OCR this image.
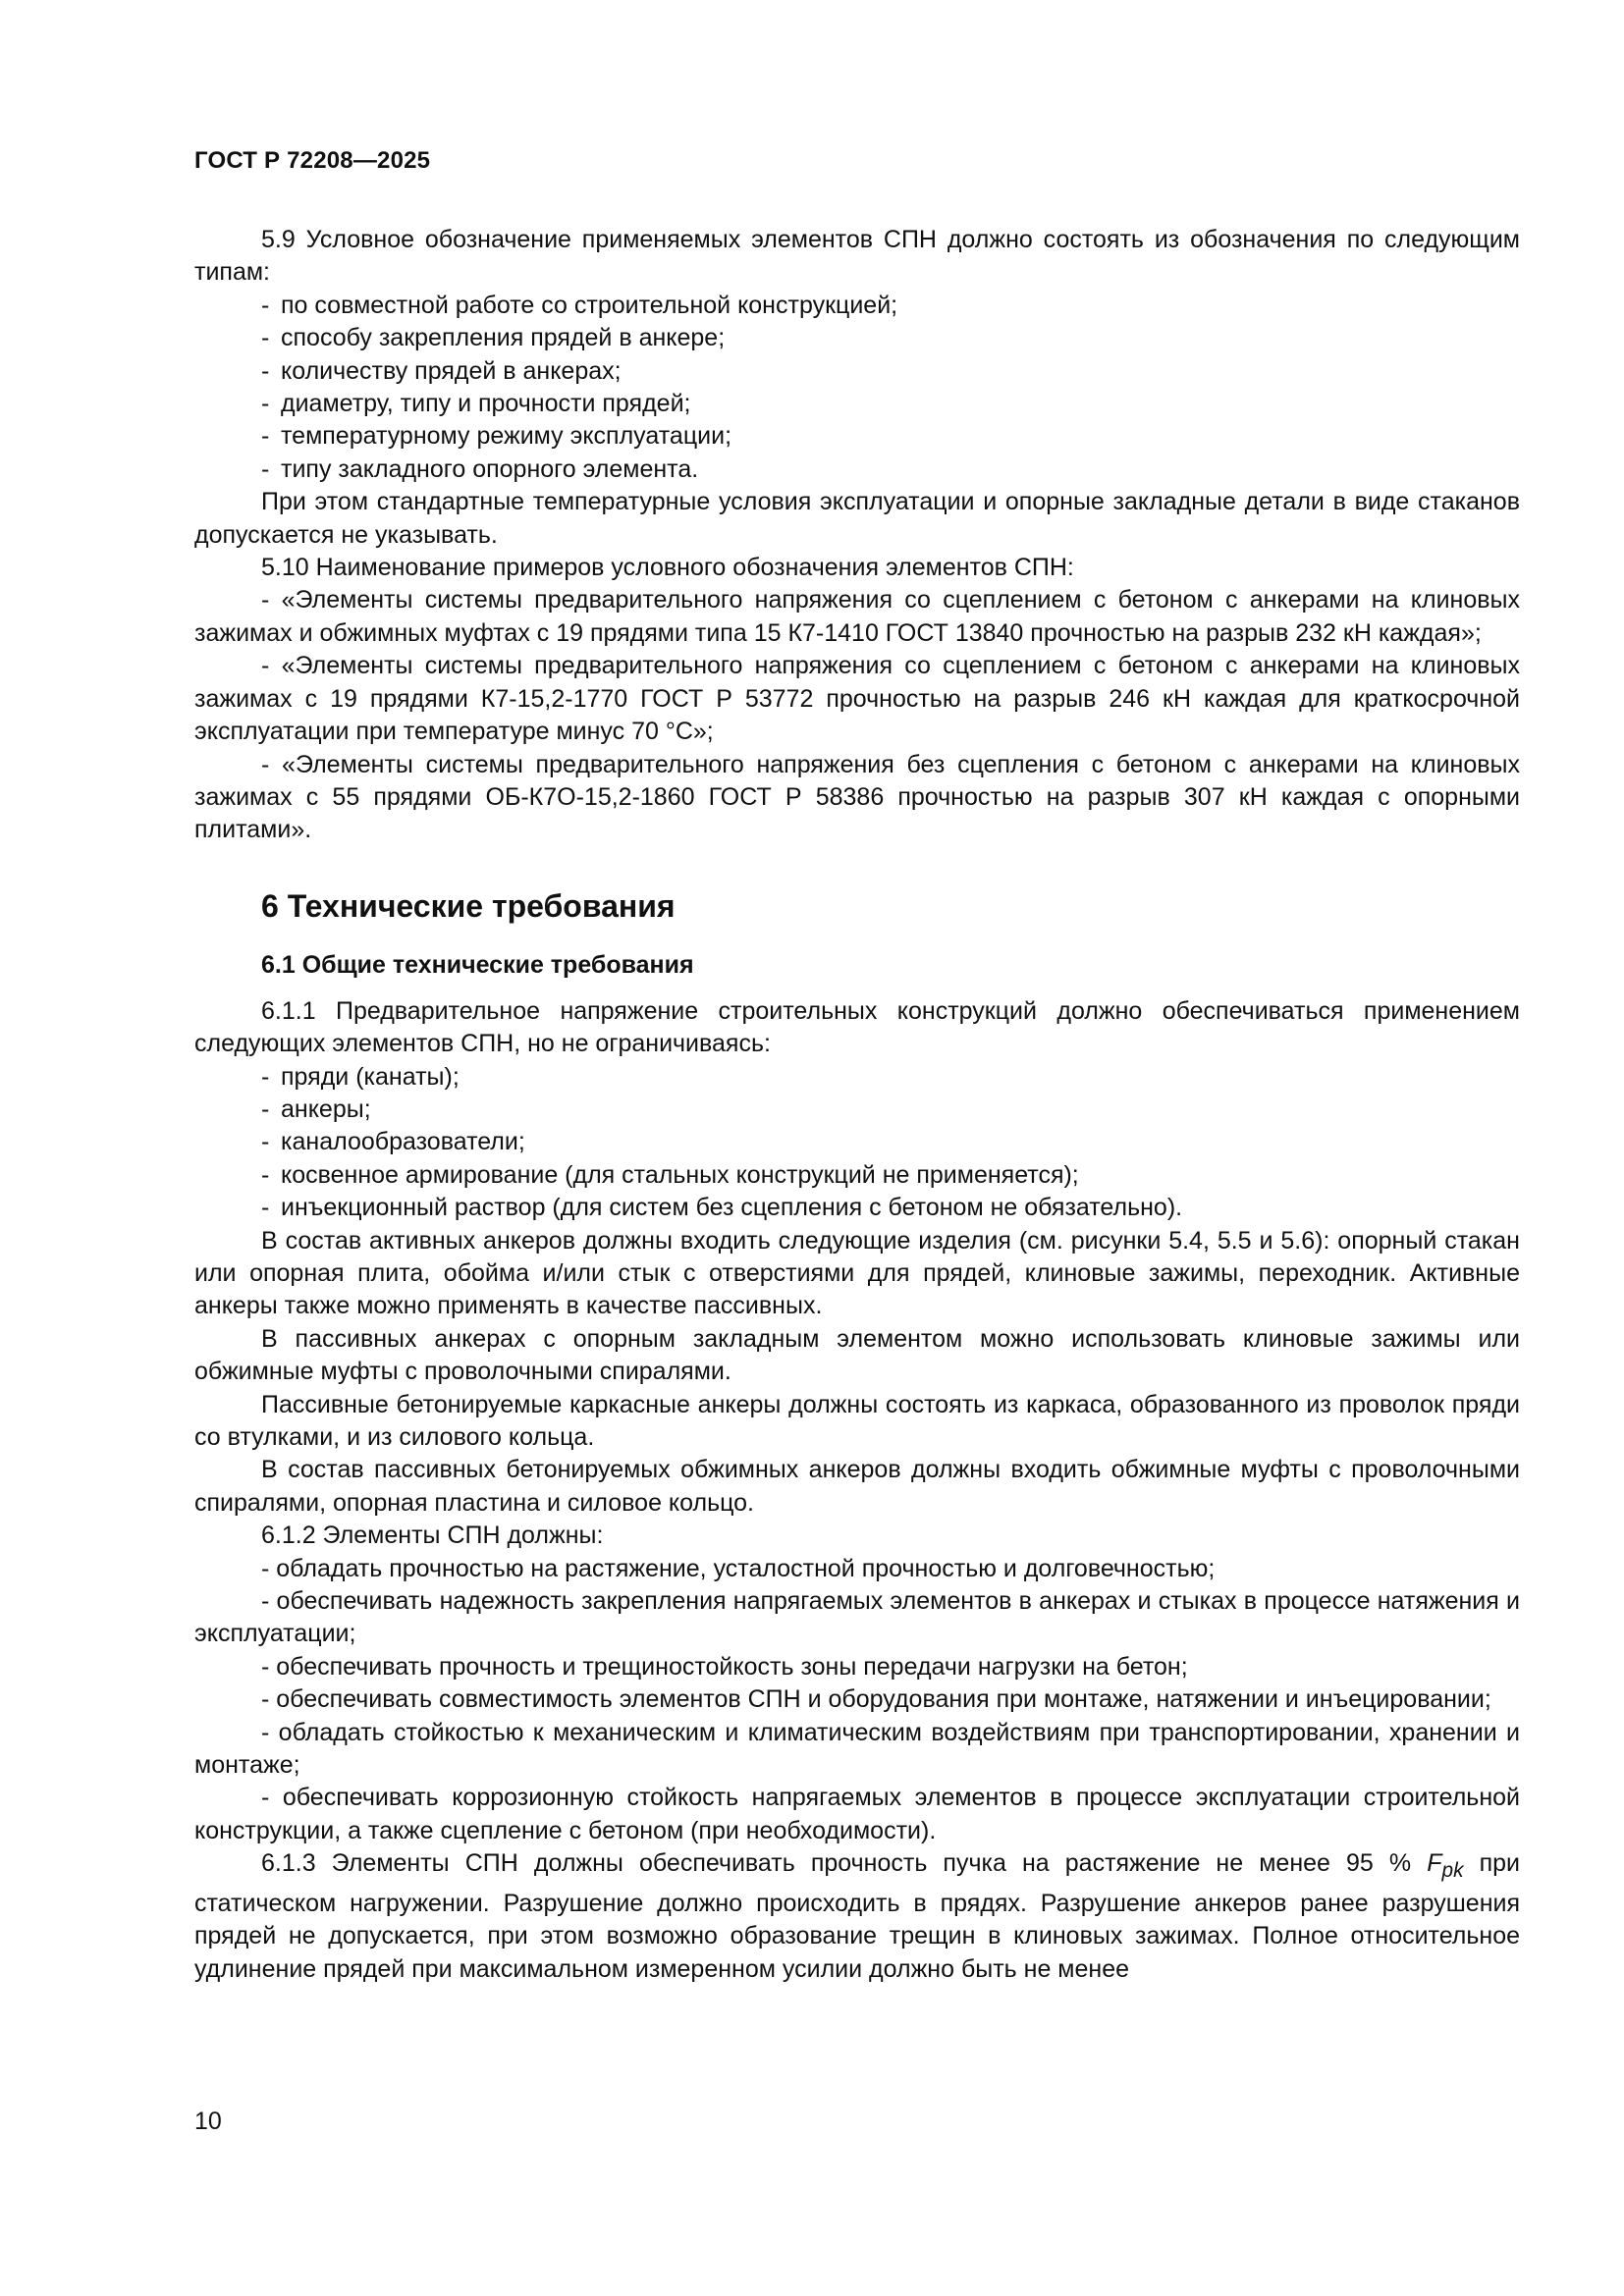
ГОСТ Р 72208—2025

5.9 Условное обозначение применяемых элементов СПН должно состоять из обозначения по следующим типам:

- по совместной работе со строительной конструкцией;

- способу закрепления прядей в анкере;

- количеству прядей в анкерах;

- диаметру, типу и прочности прядей;

- температурному режиму эксплуатации;

- типу закладного опорного элемента.

При этом стандартные температурные условия эксплуатации и опорные закладные детали в виде стаканов допускается не указывать.

5.10 Наименование примеров условного обозначения элементов СПН:

- «Элементы системы предварительного напряжения со сцеплением с бетоном с анкерами на клиновых зажимах и обжимных муфтах с 19 прядями типа 15 К7-1410 ГОСТ 13840 прочностью на разрыв 232 кН каждая»;

- «Элементы системы предварительного напряжения со сцеплением с бетоном с анкерами на клиновых зажимах с 19 прядями К7-15,2-1770 ГОСТ Р 53772 прочностью на разрыв 246 кН каждая для краткосрочной эксплуатации при температуре минус 70 °С»;

- «Элементы системы предварительного напряжения без сцепления с бетоном с анкерами на клиновых зажимах с 55 прядями ОБ-К7О-15,2-1860 ГОСТ Р 58386 прочностью на разрыв 307 кН каждая с опорными плитами».

6 Технические требования
6.1 Общие технические требования

6.1.1 Предварительное напряжение строительных конструкций должно обеспечиваться применением следующих элементов СПН, но не ограничиваясь:

- пряди (канаты);

- анкеры;

- каналообразователи;

- косвенное армирование (для стальных конструкций не применяется);

- инъекционный раствор (для систем без сцепления с бетоном не обязательно).

В состав активных анкеров должны входить следующие изделия (см. рисунки 5.4, 5.5 и 5.6): опорный стакан или опорная плита, обойма и/или стык с отверстиями для прядей, клиновые зажимы, переходник. Активные анкеры также можно применять в качестве пассивных.

В пассивных анкерах с опорным закладным элементом можно использовать клиновые зажимы или обжимные муфты с проволочными спиралями.

Пассивные бетонируемые каркасные анкеры должны состоять из каркаса, образованного из проволок пряди со втулками, и из силового кольца.

В состав пассивных бетонируемых обжимных анкеров должны входить обжимные муфты с проволочными спиралями, опорная пластина и силовое кольцо.

6.1.2 Элементы СПН должны:

- обладать прочностью на растяжение, усталостной прочностью и долговечностью;

- обеспечивать надежность закрепления напрягаемых элементов в анкерах и стыках в процессе натяжения и эксплуатации;

- обеспечивать прочность и трещиностойкость зоны передачи нагрузки на бетон;

- обеспечивать совместимость элементов СПН и оборудования при монтаже, натяжении и инъецировании;

- обладать стойкостью к механическим и климатическим воздействиям при транспортировании, хранении и монтаже;

- обеспечивать коррозионную стойкость напрягаемых элементов в процессе эксплуатации строительной конструкции, а также сцепление с бетоном (при необходимости).

6.1.3 Элементы СПН должны обеспечивать прочность пучка на растяжение не менее 95 % $F_{pk}$ при статическом нагружении. Разрушение должно происходить в прядях. Разрушение анкеров ранее разрушения прядей не допускается, при этом возможно образование трещин в клиновых зажимах. Полное относительное удлинение прядей при максимальном измеренном усилии должно быть не менее

10
